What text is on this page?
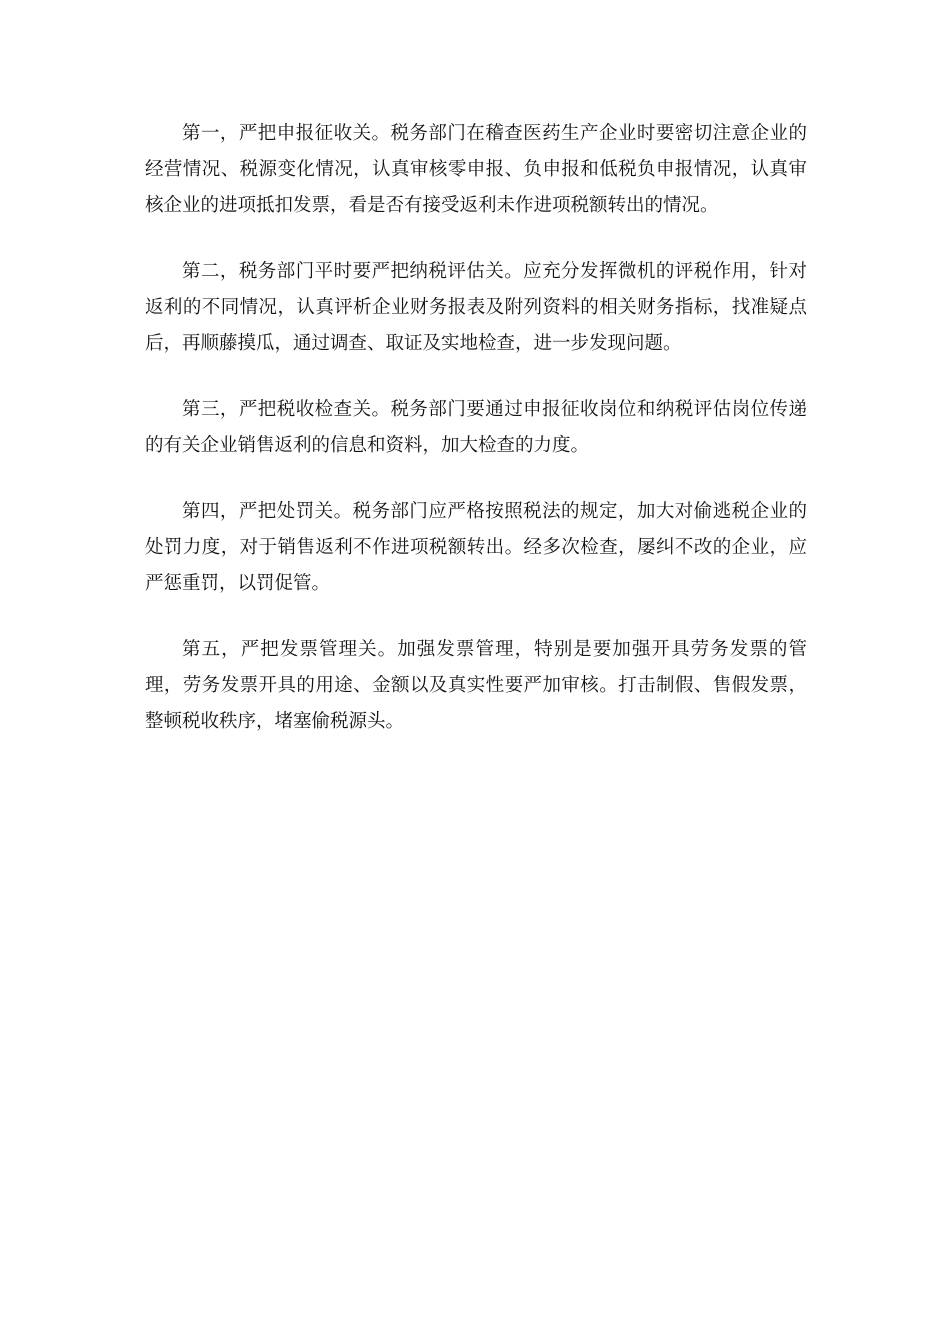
第一，严把申报征收关。税务部门在稽查医药生产企业时要密切注意企业的经营情况、税源变化情况，认真审核零申报、负申报和低税负申报情况，认真审核企业的进项抵扣发票，看是否有接受返利未作进项税额转出的情况。

第二，税务部门平时要严把纳税评估关。应充分发挥微机的评税作用，针对返利的不同情况，认真评析企业财务报表及附列资料的相关财务指标，找准疑点后，再顺藤摸瓜，通过调查、取证及实地检查，进一步发现问题。

第三，严把税收检查关。税务部门要通过申报征收岗位和纳税评估岗位传递的有关企业销售返利的信息和资料，加大检查的力度。

第四，严把处罚关。税务部门应严格按照税法的规定，加大对偷逃税企业的处罚力度，对于销售返利不作进项税额转出。经多次检查，屡纠不改的企业，应严惩重罚，以罚促管。

第五，严把发票管理关。加强发票管理，特别是要加强开具劳务发票的管理，劳务发票开具的用途、金额以及真实性要严加审核。打击制假、售假发票，整顿税收秩序，堵塞偷税源头。
